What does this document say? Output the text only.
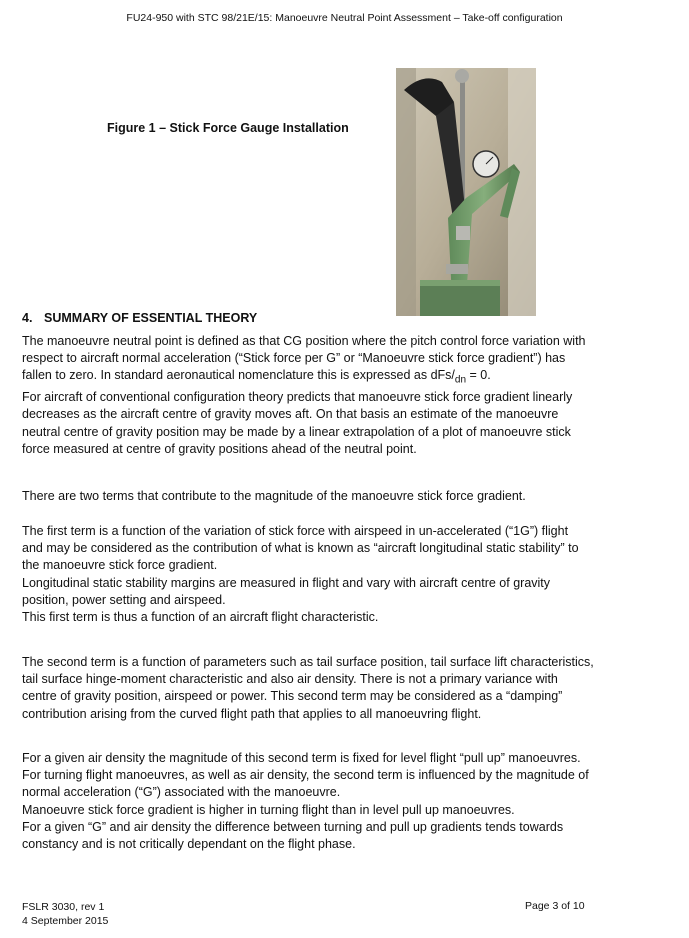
FU24-950 with STC 98/21E/15: Manoeuvre Neutral Point Assessment – Take-off configuration
Figure 1 – Stick Force Gauge Installation
4. SUMMARY OF ESSENTIAL THEORY
The manoeuvre neutral point is defined as that CG position where the pitch control force variation with
respect to aircraft normal acceleration (“Stick force per G” or “Manoeuvre stick force gradient”) has
fallen to zero. In standard aeronautical nomenclature this is expressed as dFs/$_{dn} = 0$.
For aircraft of conventional configuration theory predicts that manoeuvre stick force gradient linearly
decreases as the aircraft centre of gravity moves aft. On that basis an estimate of the manoeuvre
neutral centre of gravity position may be made by a linear extrapolation of a plot of manoeuvre stick
force measured at centre of gravity positions ahead of the neutral point.
There are two terms that contribute to the magnitude of the manoeuvre stick force gradient.
The first term is a function of the variation of stick force with airspeed in un-accelerated (“1G”) flight
and may be considered as the contribution of what is known as “aircraft longitudinal static stability” to
the manoeuvre stick force gradient.
Longitudinal static stability margins are measured in flight and vary with aircraft centre of gravity
position, power setting and airspeed.
This first term is thus a function of an aircraft flight characteristic.
The second term is a function of parameters such as tail surface position, tail surface lift characteristics,
tail surface hinge-moment characteristic and also air density. There is not a primary variance with
centre of gravity position, airspeed or power. This second term may be considered as a “damping”
contribution arising from the curved flight path that applies to all manoeuvring flight.
For a given air density the magnitude of this second term is fixed for level flight “pull up” manoeuvres.
For turning flight manoeuvres, as well as air density, the second term is influenced by the magnitude of
normal acceleration (“G”) associated with the manoeuvre.
Manoeuvre stick force gradient is higher in turning flight than in level pull up manoeuvres.
For a given “G” and air density the difference between turning and pull up gradients tends towards
constancy and is not critically dependant on the flight phase.
FSLR 3030, rev 1
4 September 2015
Page 3 of 10
